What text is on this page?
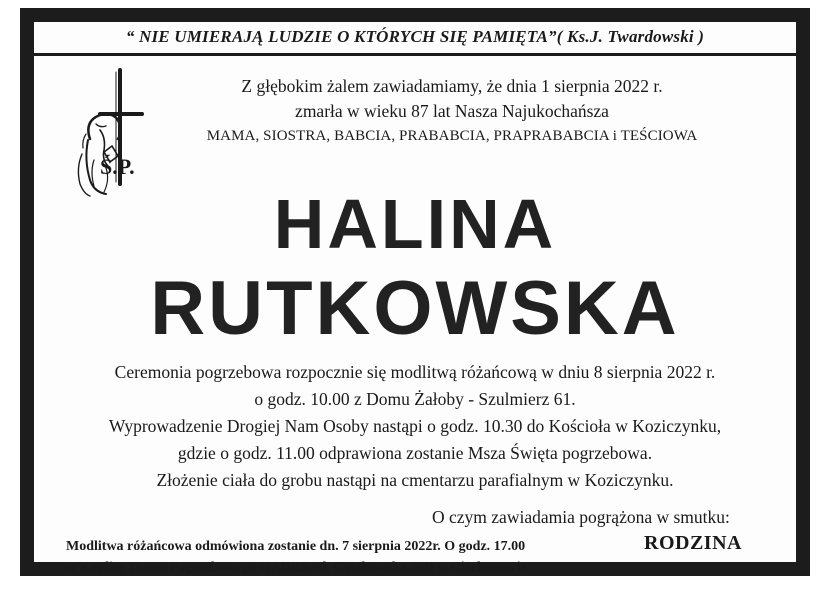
“ NIE UMIERAJĄ LUDZIE O KTÓRYCH SIĘ PAMIĘTA”( Ks.J. Twardowski )
Ś.P.
Z głębokim żalem zawiadamiamy, że dnia 1 sierpnia 2022 r.
zmarła w wieku 87 lat Nasza Najukochańsza
MAMA, SIOSTRA, BABCIA, PRABABCIA, PRAPRABABCIA i TEŚCIOWA
HALINA
RUTKOWSKA
Ceremonia pogrzebowa rozpocznie się modlitwą różańcową w dniu 8 sierpnia 2022 r.
o godz. 10.00 z Domu Żałoby - Szulmierz 61.
Wyprowadzenie Drogiej Nam Osoby nastąpi o godz. 10.30 do Kościoła w Koziczynku,
gdzie o godz. 11.00 odprawiona zostanie Msza Święta pogrzebowa.
Złożenie ciała do grobu nastąpi na cmentarzu parafialnym w Koziczynku.
O czym zawiadamia pogrążona w smutku:
Modlitwa różańcowa odmówiona zostanie dn. 7 sierpnia 2022r. O godz. 17.00
w Kaplicy Domu Pogrzebowego HADES, ul. Gostkowska 39B w Ciechanowie
RODZINA
